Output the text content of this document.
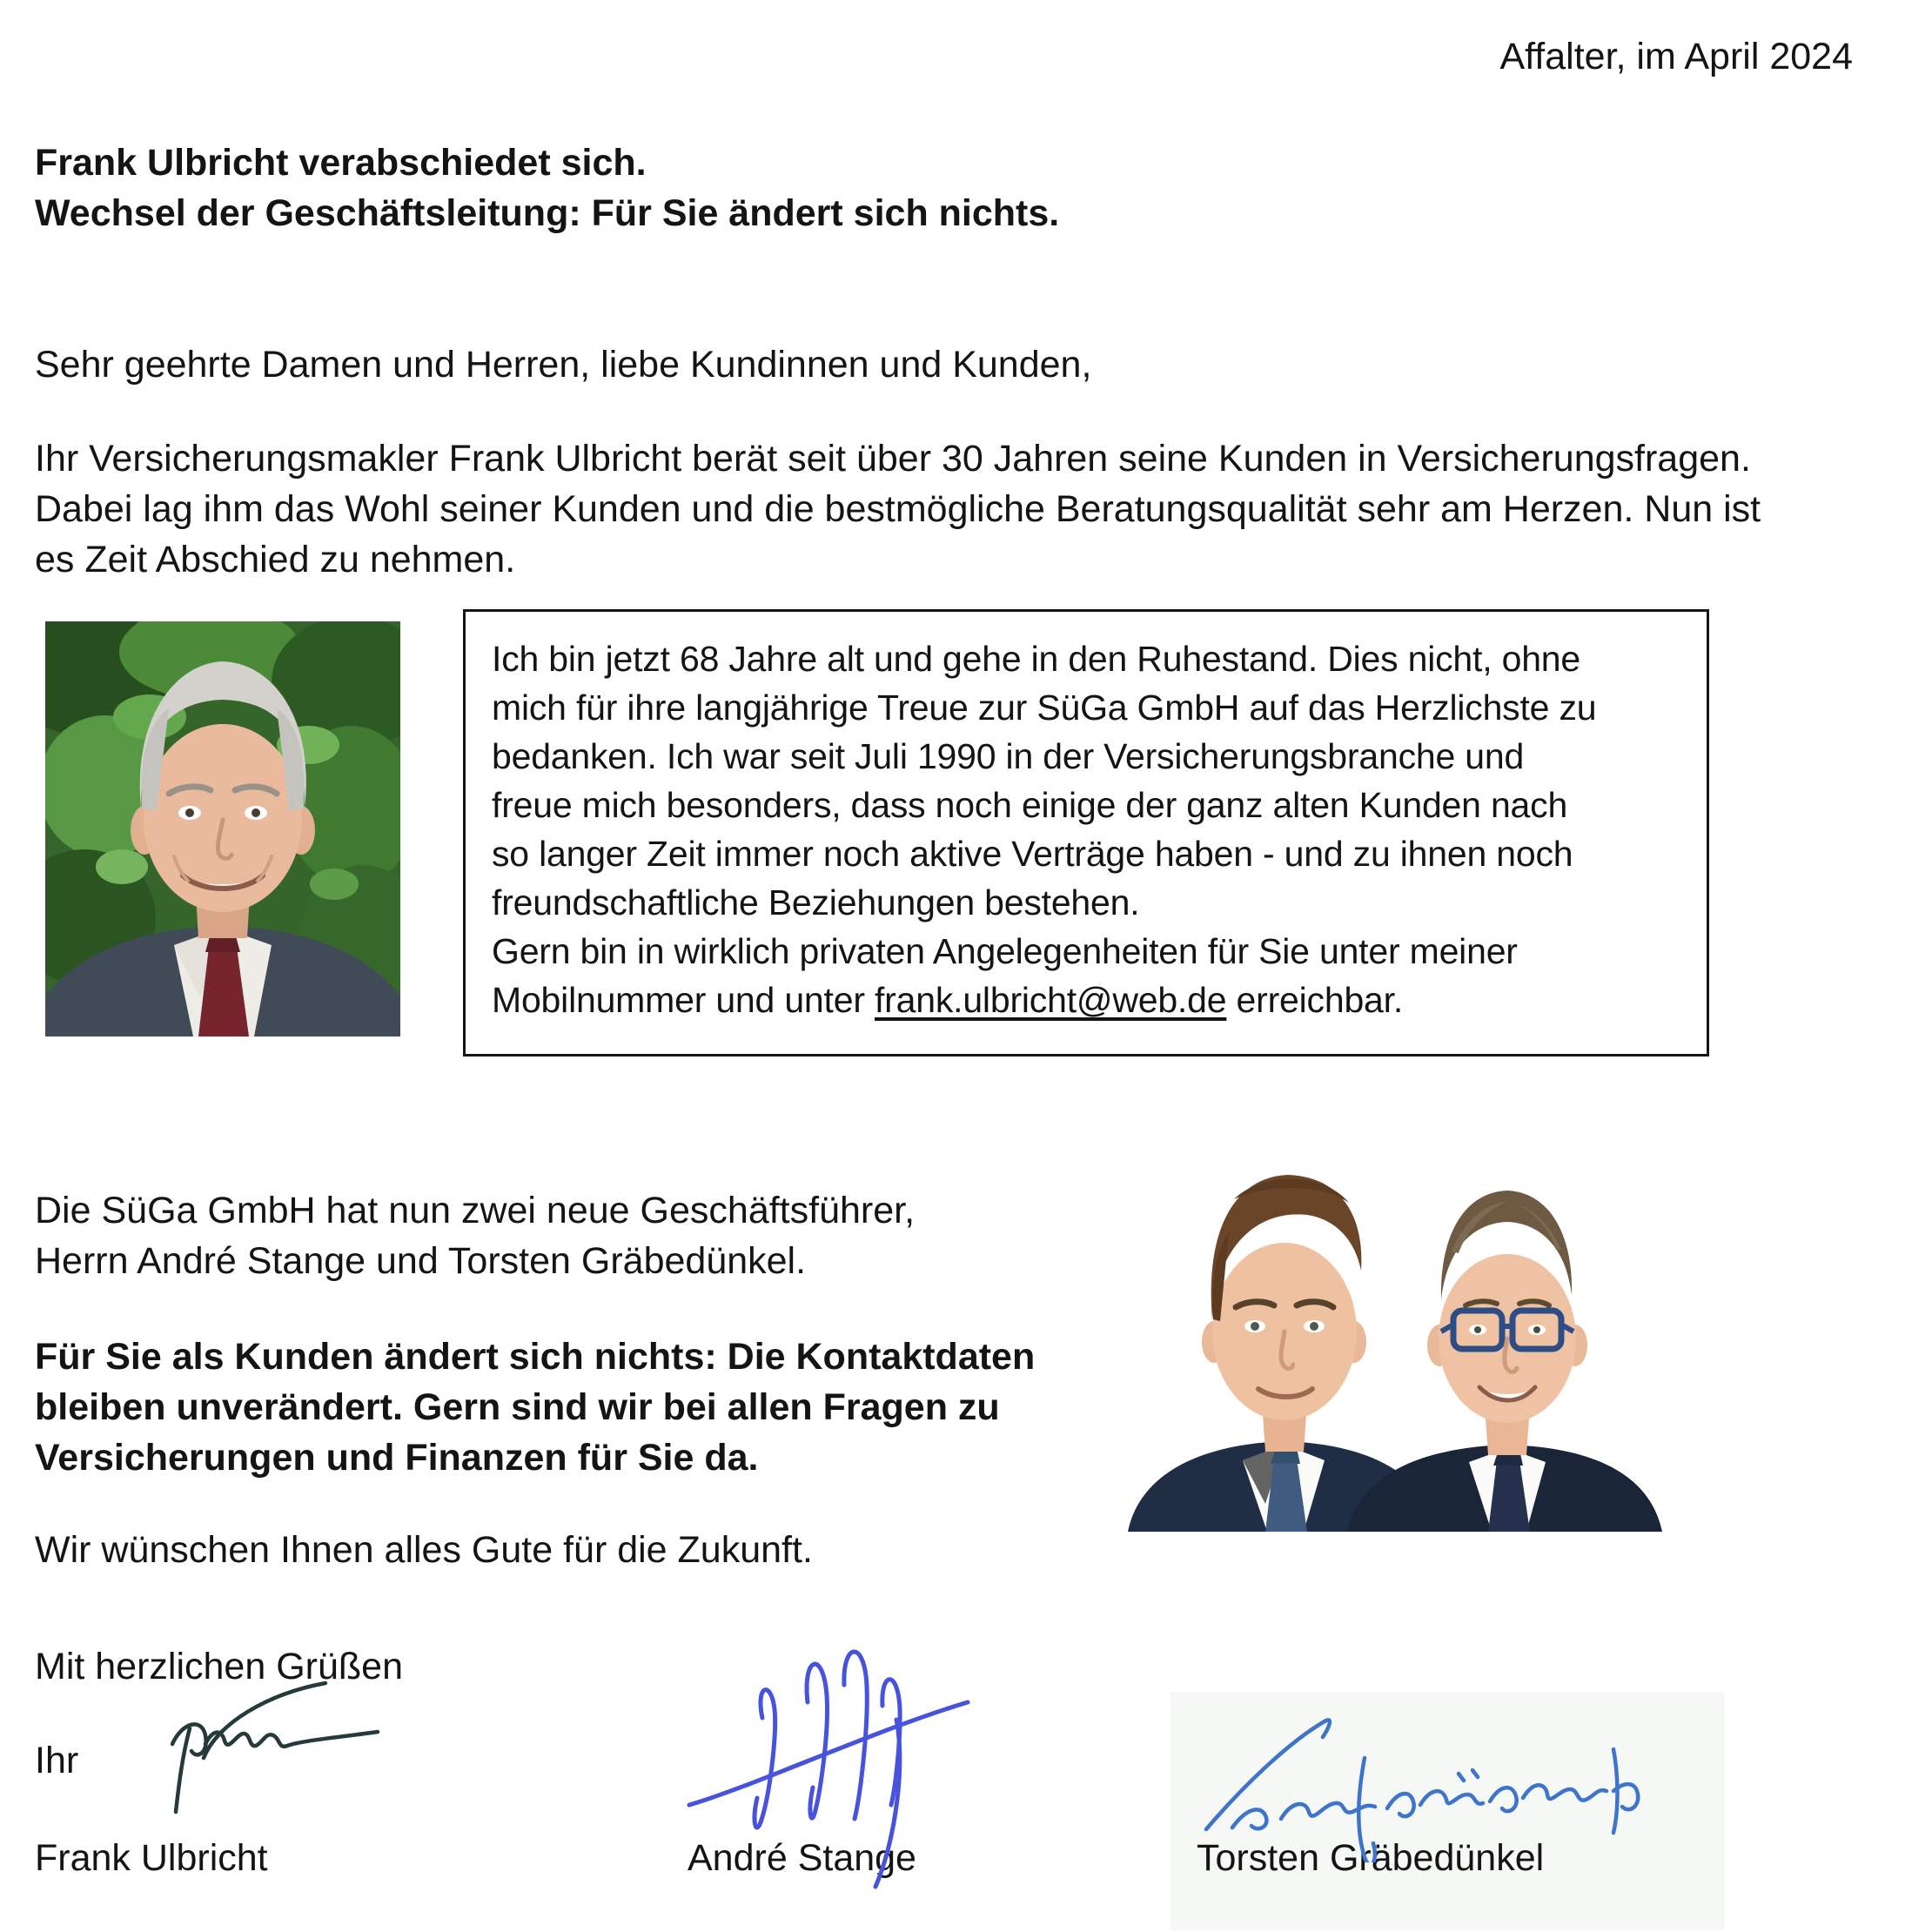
Affalter, im April 2024
Frank Ulbricht verabschiedet sich.
Wechsel der Geschäftsleitung: Für Sie ändert sich nichts.
Sehr geehrte Damen und Herren, liebe Kundinnen und Kunden,
Ihr Versicherungsmakler Frank Ulbricht berät seit über 30 Jahren seine Kunden in Versicherungsfragen.
Dabei lag ihm das Wohl seiner Kunden und die bestmögliche Beratungsqualität sehr am Herzen. Nun ist
es Zeit Abschied zu nehmen.
Ich bin jetzt 68 Jahre alt und gehe in den Ruhestand. Dies nicht, ohne
mich für ihre langjährige Treue zur SüGa GmbH auf das Herzlichste zu
bedanken. Ich war seit Juli 1990 in der Versicherungsbranche und
freue mich besonders, dass noch einige der ganz alten Kunden nach
so langer Zeit immer noch aktive Verträge haben - und zu ihnen noch
freundschaftliche Beziehungen bestehen.
Gern bin in wirklich privaten Angelegenheiten für Sie unter meiner
Mobilnummer und unter frank.ulbricht@web.de erreichbar.
Die SüGa GmbH hat nun zwei neue Geschäftsführer,
Herrn André Stange und Torsten Gräbedünkel.
Für Sie als Kunden ändert sich nichts: Die Kontaktdaten
bleiben unverändert. Gern sind wir bei allen Fragen zu
Versicherungen und Finanzen für Sie da.
Wir wünschen Ihnen alles Gute für die Zukunft.
Mit herzlichen Grüßen
Ihr
Frank Ulbricht	André Stange	Torsten Gräbedünkel
